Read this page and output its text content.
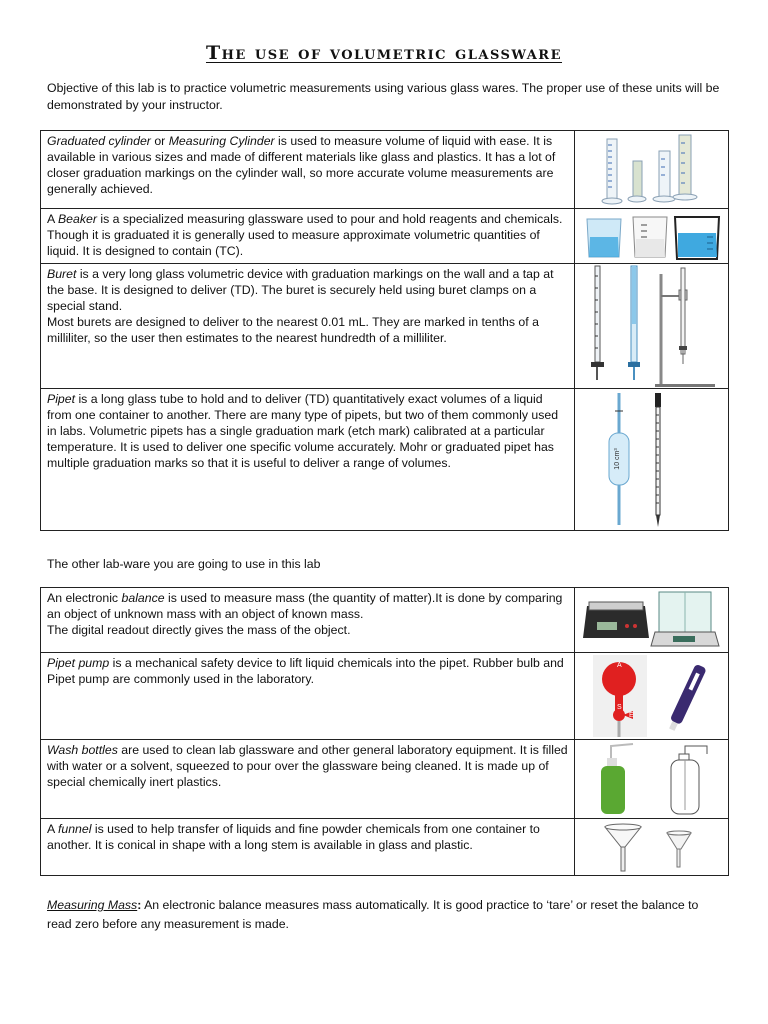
The use of volumetric glassware
Objective of this lab is to practice volumetric measurements using various glass wares. The proper use of these units will be demonstrated by your instructor.
Graduated cylinder or Measuring Cylinder is used to measure volume of liquid with ease. It is available in various sizes and made of different materials like glass and plastics. It has a lot of closer graduation markings on the cylinder wall, so more accurate volume measurements are generally achieved.	

A Beaker is a specialized measuring glassware used to pour and hold reagents and chemicals. Though it is graduated it is generally used to measure approximate volumetric quantities of liquid. It is designed to contain (TC).	

Buret is a very long glass volumetric device with graduation markings on the wall and a tap at the base. It is designed to deliver (TD). The buret is securely held using buret clamps on a special stand.
Most burets are designed to deliver to the nearest 0.01 mL. They are marked in tenths of a milliliter, so the user then estimates to the nearest hundredth of a milliliter.	

Pipet is a long glass tube to hold and to deliver (TD) quantitatively exact volumes of a liquid from one container to another. There are many type of pipets, but two of them commonly used in labs. Volumetric pipets has a single graduation mark (etch mark) calibrated at a particular temperature. It is used to deliver one specific volume accurately. Mohr or graduated pipet has multiple graduation marks so that it is useful to deliver a range of volumes.	10 cm³
The other lab-ware you are going to use in this lab
An electronic balance is used to measure mass (the quantity of matter).It is done by comparing an object of unknown mass with an object of known mass.
The digital readout directly gives the mass of the object.	

Pipet pump is a mechanical safety device to lift liquid chemicals into the pipet. Rubber bulb and Pipet pump are commonly used in the laboratory.	A
S
E

Wash bottles are used to clean lab glassware and other general laboratory equipment. It is filled with water or a solvent, squeezed to pour over the glassware being cleaned. It is made up of special chemically inert plastics.	

A funnel is used to help transfer of liquids and fine powder chemicals from one container to another. It is conical in shape with a long stem is available in glass and plastic.	
Measuring Mass: An electronic balance measures mass automatically. It is good practice to ‘tare’ or reset the balance to read zero before any measurement is made.
